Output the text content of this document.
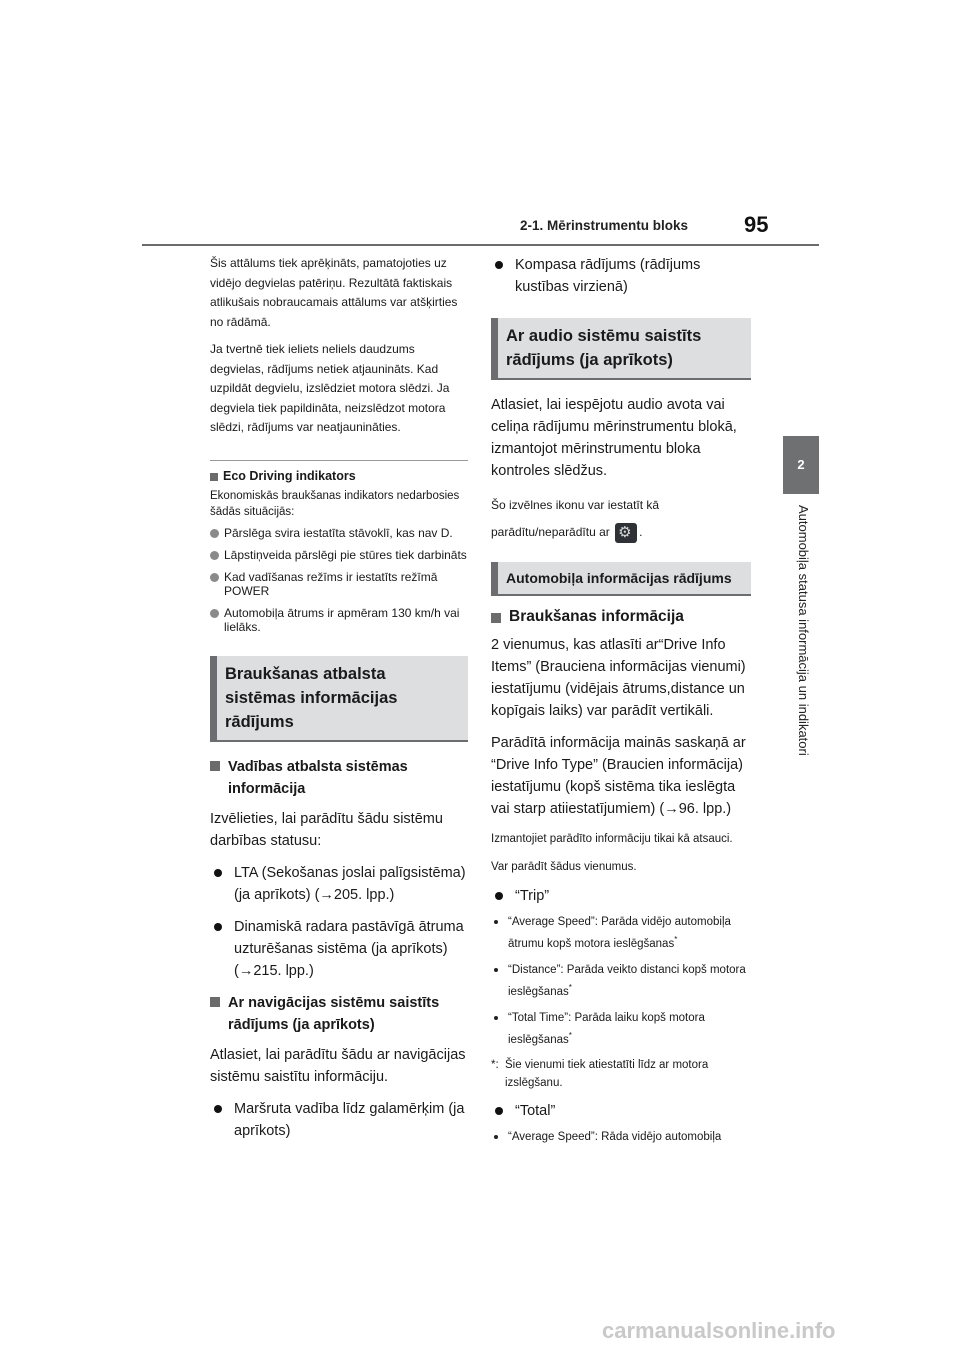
2-1. Mērinstrumentu bloks	95
2
Automobiļa statusa informācija un indikatori

Šis attālums tiek aprēķināts, pamatojoties uz vidējo degvielas patēriņu. Rezultātā faktiskais atlikušais nobraucamais attālums var atšķirties no rādāmā.

Ja tvertnē tiek ieliets neliels daudzums degvielas, rādījums netiek atjaunināts. Kad uzpildāt degvielu, izslēdziet motora slēdzi. Ja degviela tiek papildināta, neizslēdzot motora slēdzi, rādījums var neatjaunināties.

Eco Driving indikators

Ekonomiskās braukšanas indikators nedarbosies šādās situācijās:

Pārslēga svira iestatīta stāvoklī, kas nav D.
Lāpstiņveida pārslēgi pie stūres tiek darbināts
Kad vadīšanas režīms ir iestatīts režīmā POWER
Automobiļa ātrums ir apmēram 130 km/h vai lielāks.
Braukšanas atbalsta sistēmas informācijas rādījums
Vadības atbalsta sistēmas informācija

Izvēlieties, lai parādītu šādu sistēmu darbības statusu:

LTA (Sekošanas joslai palīgsistēma) (ja aprīkots) (→205. lpp.)
Dinamiskā radara pastāvīgā ātruma uzturēšanas sistēma (ja aprīkots) (→215. lpp.)
Ar navigācijas sistēmu saistīts rādījums (ja aprīkots)

Atlasiet, lai parādītu šādu ar navigācijas sistēmu saistītu informāciju.

Maršruta vadība līdz galamērķim (ja aprīkots)
Kompasa rādījums (rādījums kustības virzienā)
Ar audio sistēmu saistīts rādījums (ja aprīkots)

Atlasiet, lai iespējotu audio avota vai celiņa rādījumu mērinstrumentu blokā, izmantojot mērinstrumentu bloka kontroles slēdžus.

Šo izvēlnes ikonu var iestatīt kā parādītu/neparādītu ar ⚙ .

Automobiļa informācijas rādījums
Braukšanas informācija

2 vienumus, kas atlasīti ar“Drive Info Items” (Brauciena informācijas vienumi) iestatījumu (vidējais ātrums,distance un kopīgais laiks) var parādīt vertikāli.

Parādītā informācija mainās saskaņā ar “Drive Info Type” (Braucien informācija) iestatījumu (kopš sistēma tika ieslēgta vai starp atiiestatījumiem) (→96. lpp.)

Izmantojiet parādīto informāciju tikai kā atsauci.

Var parādīt šādus vienumus.

“Trip”
“Average Speed”: Parāda vidējo automobiļa ātrumu kopš motora ieslēgšanas*
“Distance”: Parāda veikto distanci kopš motora ieslēgšanas*
“Total Time”: Parāda laiku kopš motora ieslēgšanas*
*: Šie vienumi tiek atiestatīti līdz ar motora izslēgšanu.
“Total”
“Average Speed”: Rāda vidējo automobiļa
carmanualsonline.info
